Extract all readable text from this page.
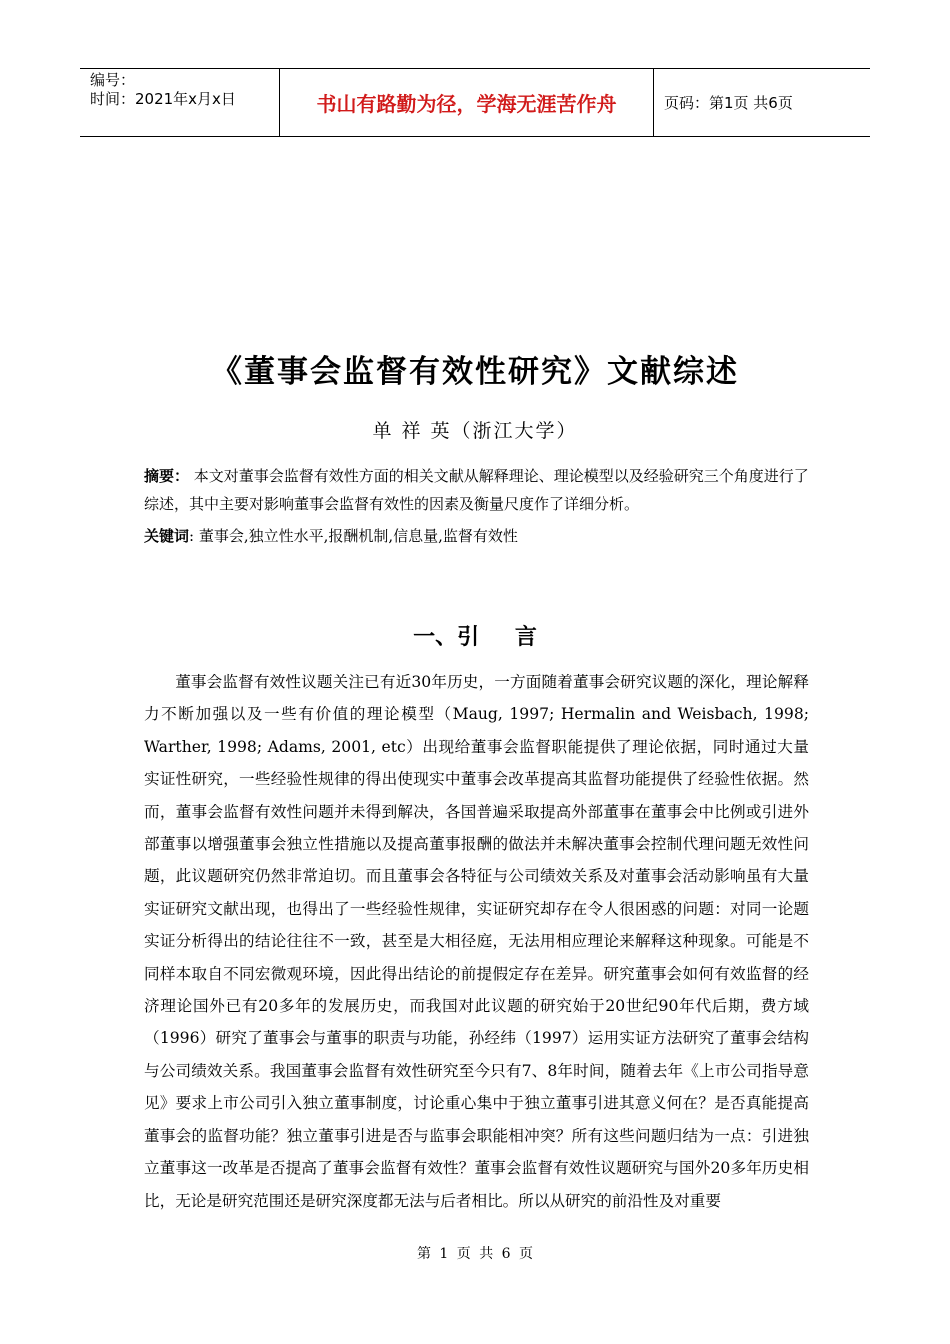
编号：
时间：2021年x月x日	书山有路勤为径，学海无涯苦作舟	页码：第1页 共6页
《董事会监督有效性研究》文献综述
单 祥 英（浙江大学）
摘要： 本文对董事会监督有效性方面的相关文献从解释理论、理论模型以及经验研究三个角度进行了综述，其中主要对影响董事会监督有效性的因素及衡量尺度作了详细分析。
关键词: 董事会,独立性水平,报酬机制,信息量,监督有效性
一、引 言

董事会监督有效性议题关注已有近30年历史，一方面随着董事会研究议题的深化，理论解释力不断加强以及一些有价值的理论模型（Maug, 1997; Hermalin and Weisbach, 1998; Warther, 1998; Adams, 2001, etc）出现给董事会监督职能提供了理论依据，同时通过大量实证性研究，一些经验性规律的得出使现实中董事会改革提高其监督功能提供了经验性依据。然而，董事会监督有效性问题并未得到解决，各国普遍采取提高外部董事在董事会中比例或引进外部董事以增强董事会独立性措施以及提高董事报酬的做法并未解决董事会控制代理问题无效性问题，此议题研究仍然非常迫切。而且董事会各特征与公司绩效关系及对董事会活动影响虽有大量实证研究文献出现，也得出了一些经验性规律，实证研究却存在令人很困惑的问题：对同一论题实证分析得出的结论往往不一致，甚至是大相径庭，无法用相应理论来解释这种现象。可能是不同样本取自不同宏微观环境，因此得出结论的前提假定存在差异。研究董事会如何有效监督的经济理论国外已有20多年的发展历史，而我国对此议题的研究始于20世纪90年代后期，费方域（1996）研究了董事会与董事的职责与功能，孙经纬（1997）运用实证方法研究了董事会结构与公司绩效关系。我国董事会监督有效性研究至今只有7、8年时间，随着去年《上市公司指导意见》要求上市公司引入独立董事制度，讨论重心集中于独立董事引进其意义何在？是否真能提高董事会的监督功能？独立董事引进是否与监事会职能相冲突？所有这些问题归结为一点：引进独立董事这一改革是否提高了董事会监督有效性？董事会监督有效性议题研究与国外20多年历史相比，无论是研究范围还是研究深度都无法与后者相比。所以从研究的前沿性及对重要

第 1 页 共 6 页
